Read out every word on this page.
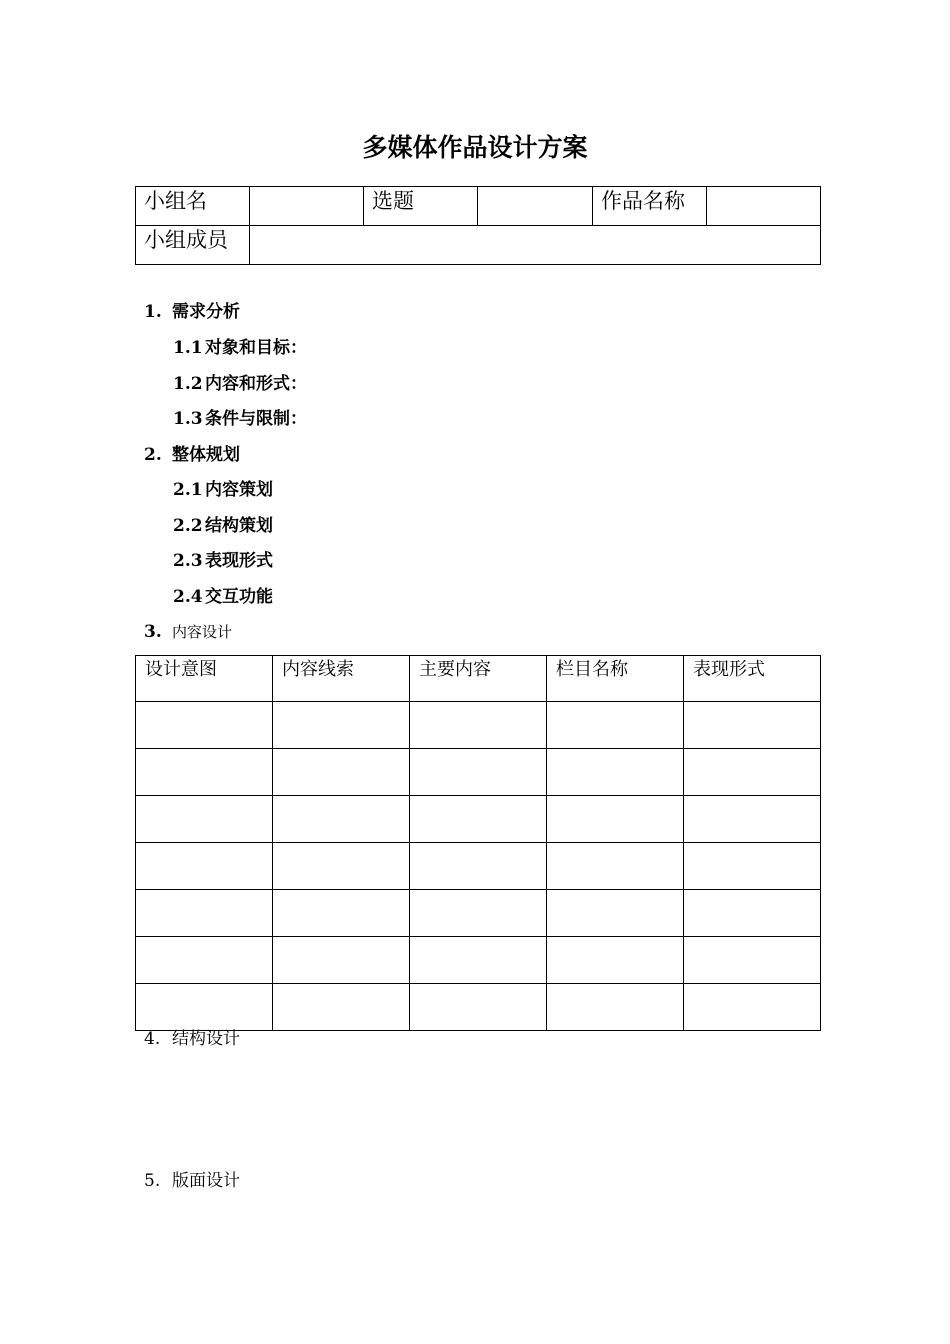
多媒体作品设计方案
小组名		选题		作品名称	
小组成员					
1. 需求分析
1.1 对象和目标：
1.2 内容和形式：
1.3 条件与限制：
2. 整体规划
2.1 内容策划
2.2 结构策划
2.3 表现形式
2.4 交互功能
3. 内容设计
设计意图	内容线索	主要内容	栏目名称	表现形式

4. 结构设计
5. 版面设计
